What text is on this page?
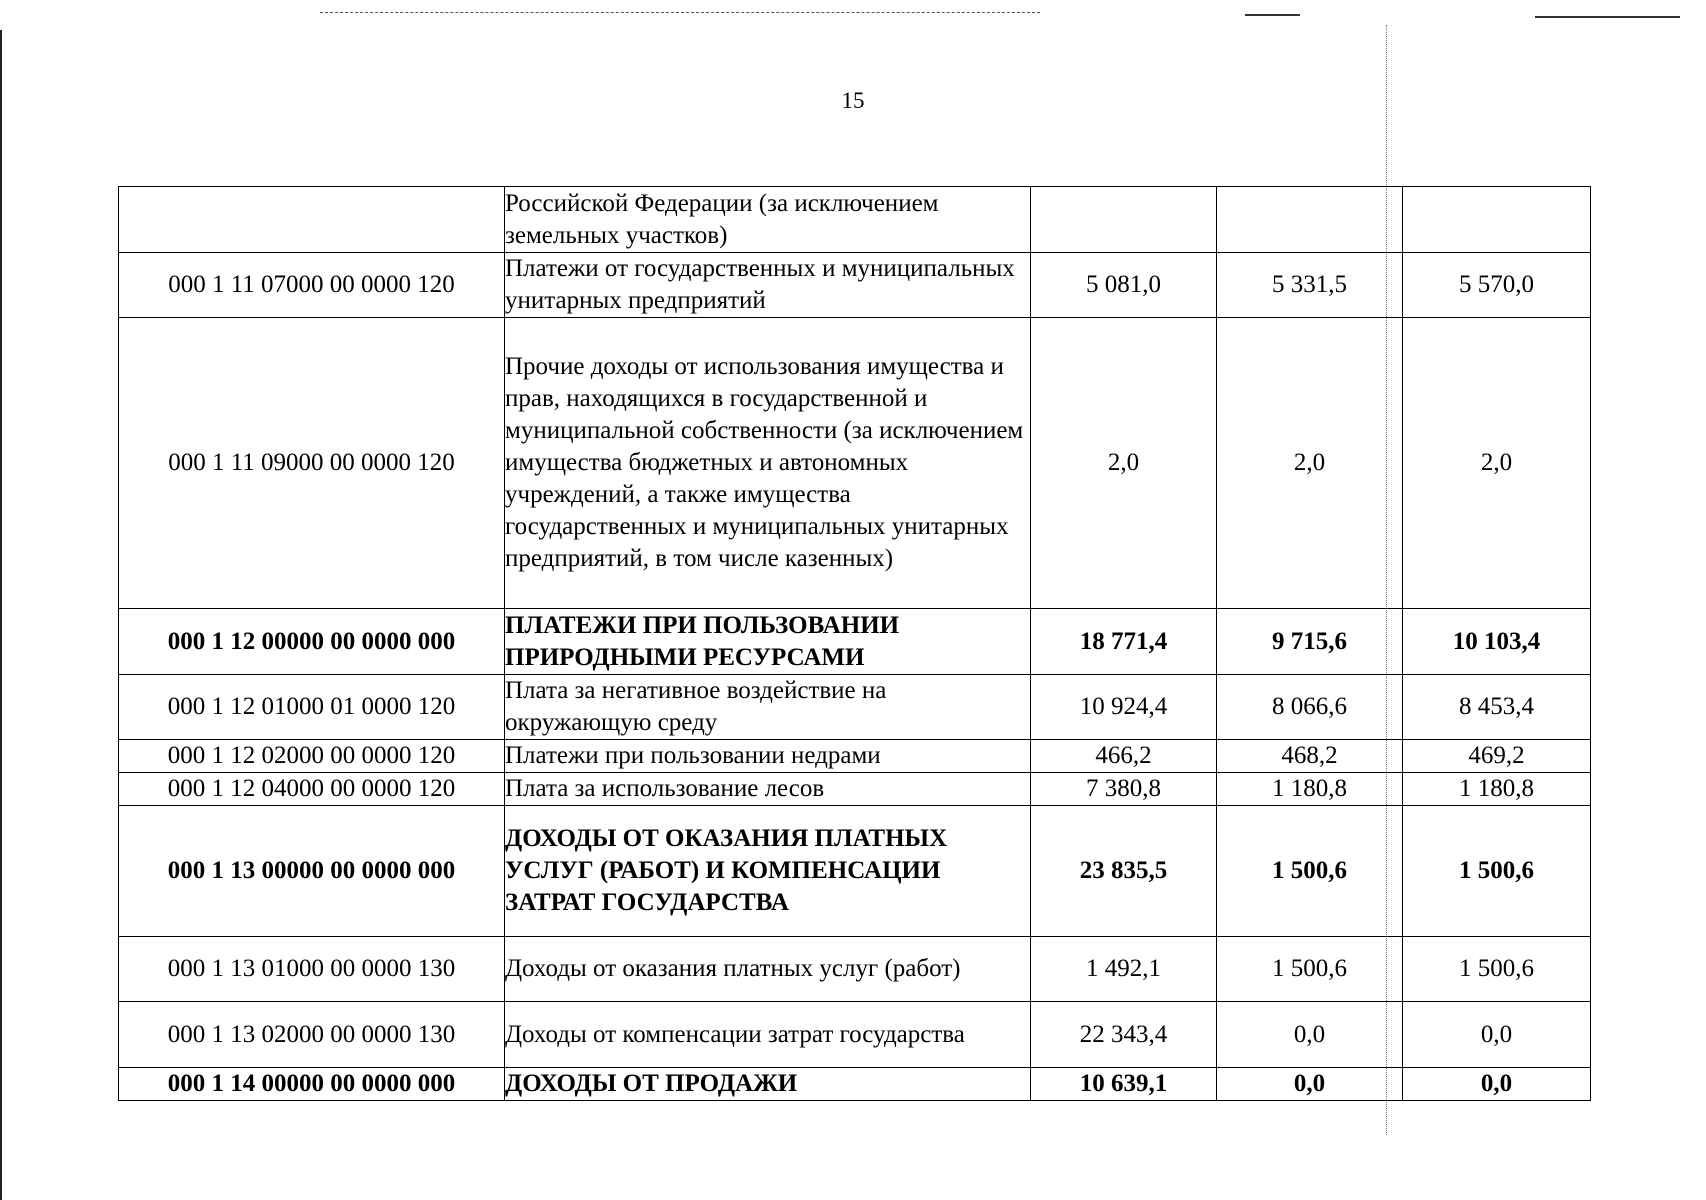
15
	Российской Федерации (за исключением земельных участков)			
000 1 11 07000 00 0000 120	Платежи от государственных и муниципальных унитарных предприятий	5 081,0	5 331,5	5 570,0
000 1 11 09000 00 0000 120	Прочие доходы от использования имущества и прав, находящихся в государственной и муниципальной собственности (за исключением имущества бюджетных и автономных учреждений, а также имущества государственных и муниципальных унитарных предприятий, в том числе казенных)	2,0	2,0	2,0
000 1 12 00000 00 0000 000	ПЛАТЕЖИ ПРИ ПОЛЬЗОВАНИИ ПРИРОДНЫМИ РЕСУРСАМИ	18 771,4	9 715,6	10 103,4
000 1 12 01000 01 0000 120	Плата за негативное воздействие на окружающую среду	10 924,4	8 066,6	8 453,4
000 1 12 02000 00 0000 120	Платежи при пользовании недрами	466,2	468,2	469,2
000 1 12 04000 00 0000 120	Плата за использование лесов	7 380,8	1 180,8	1 180,8
000 1 13 00000 00 0000 000	ДОХОДЫ ОТ ОКАЗАНИЯ ПЛАТНЫХ УСЛУГ (РАБОТ) И КОМПЕНСАЦИИ ЗАТРАТ ГОСУДАРСТВА	23 835,5	1 500,6	1 500,6
000 1 13 01000 00 0000 130	Доходы от оказания платных услуг (работ)	1 492,1	1 500,6	1 500,6
000 1 13 02000 00 0000 130	Доходы от компенсации затрат государства	22 343,4	0,0	0,0
000 1 14 00000 00 0000 000	ДОХОДЫ ОТ ПРОДАЖИ	10 639,1	0,0	0,0
